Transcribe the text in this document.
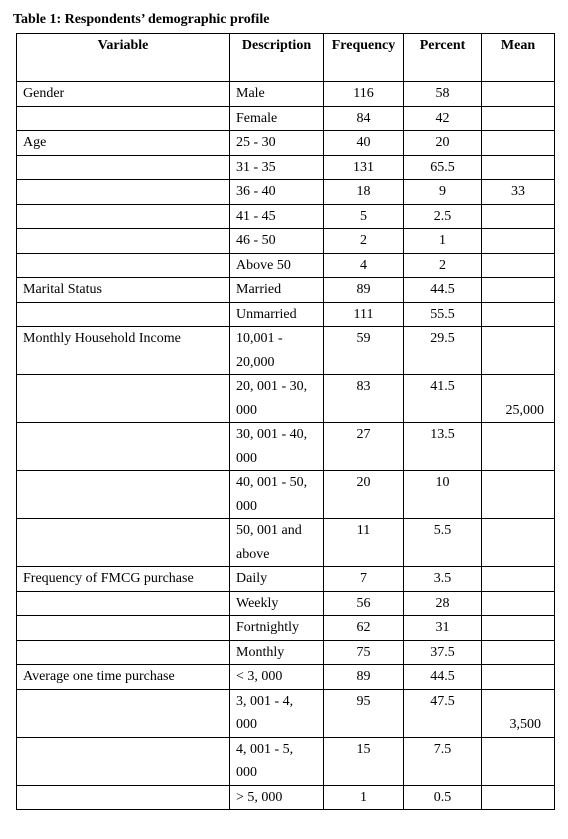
Table 1: Respondents’ demographic profile
Variable	Description	Frequency	Percent	Mean
Gender	Male	116	58	
	Female	84	42	
Age	25 - 30	40	20	
	31 - 35	131	65.5	
	36 - 40	18	9	33
	41 - 45	5	2.5	
	46 - 50	2	1	
	Above 50	4	2	
Marital Status	Married	89	44.5	
	Unmarried	111	55.5	
Monthly Household Income	10,001 - 20,000	59	29.5	
	20, 001 - 30, 000	83	41.5	25,000
	30, 001 - 40, 000	27	13.5	
	40, 001 - 50, 000	20	10	
	50, 001 and above	11	5.5	
Frequency of FMCG purchase	Daily	7	3.5	
	Weekly	56	28	
	Fortnightly	62	31	
	Monthly	75	37.5	
Average one time purchase	< 3, 000	89	44.5	
	3, 001 - 4, 000	95	47.5	3,500
	4, 001 - 5, 000	15	7.5	
	> 5, 000	1	0.5	
